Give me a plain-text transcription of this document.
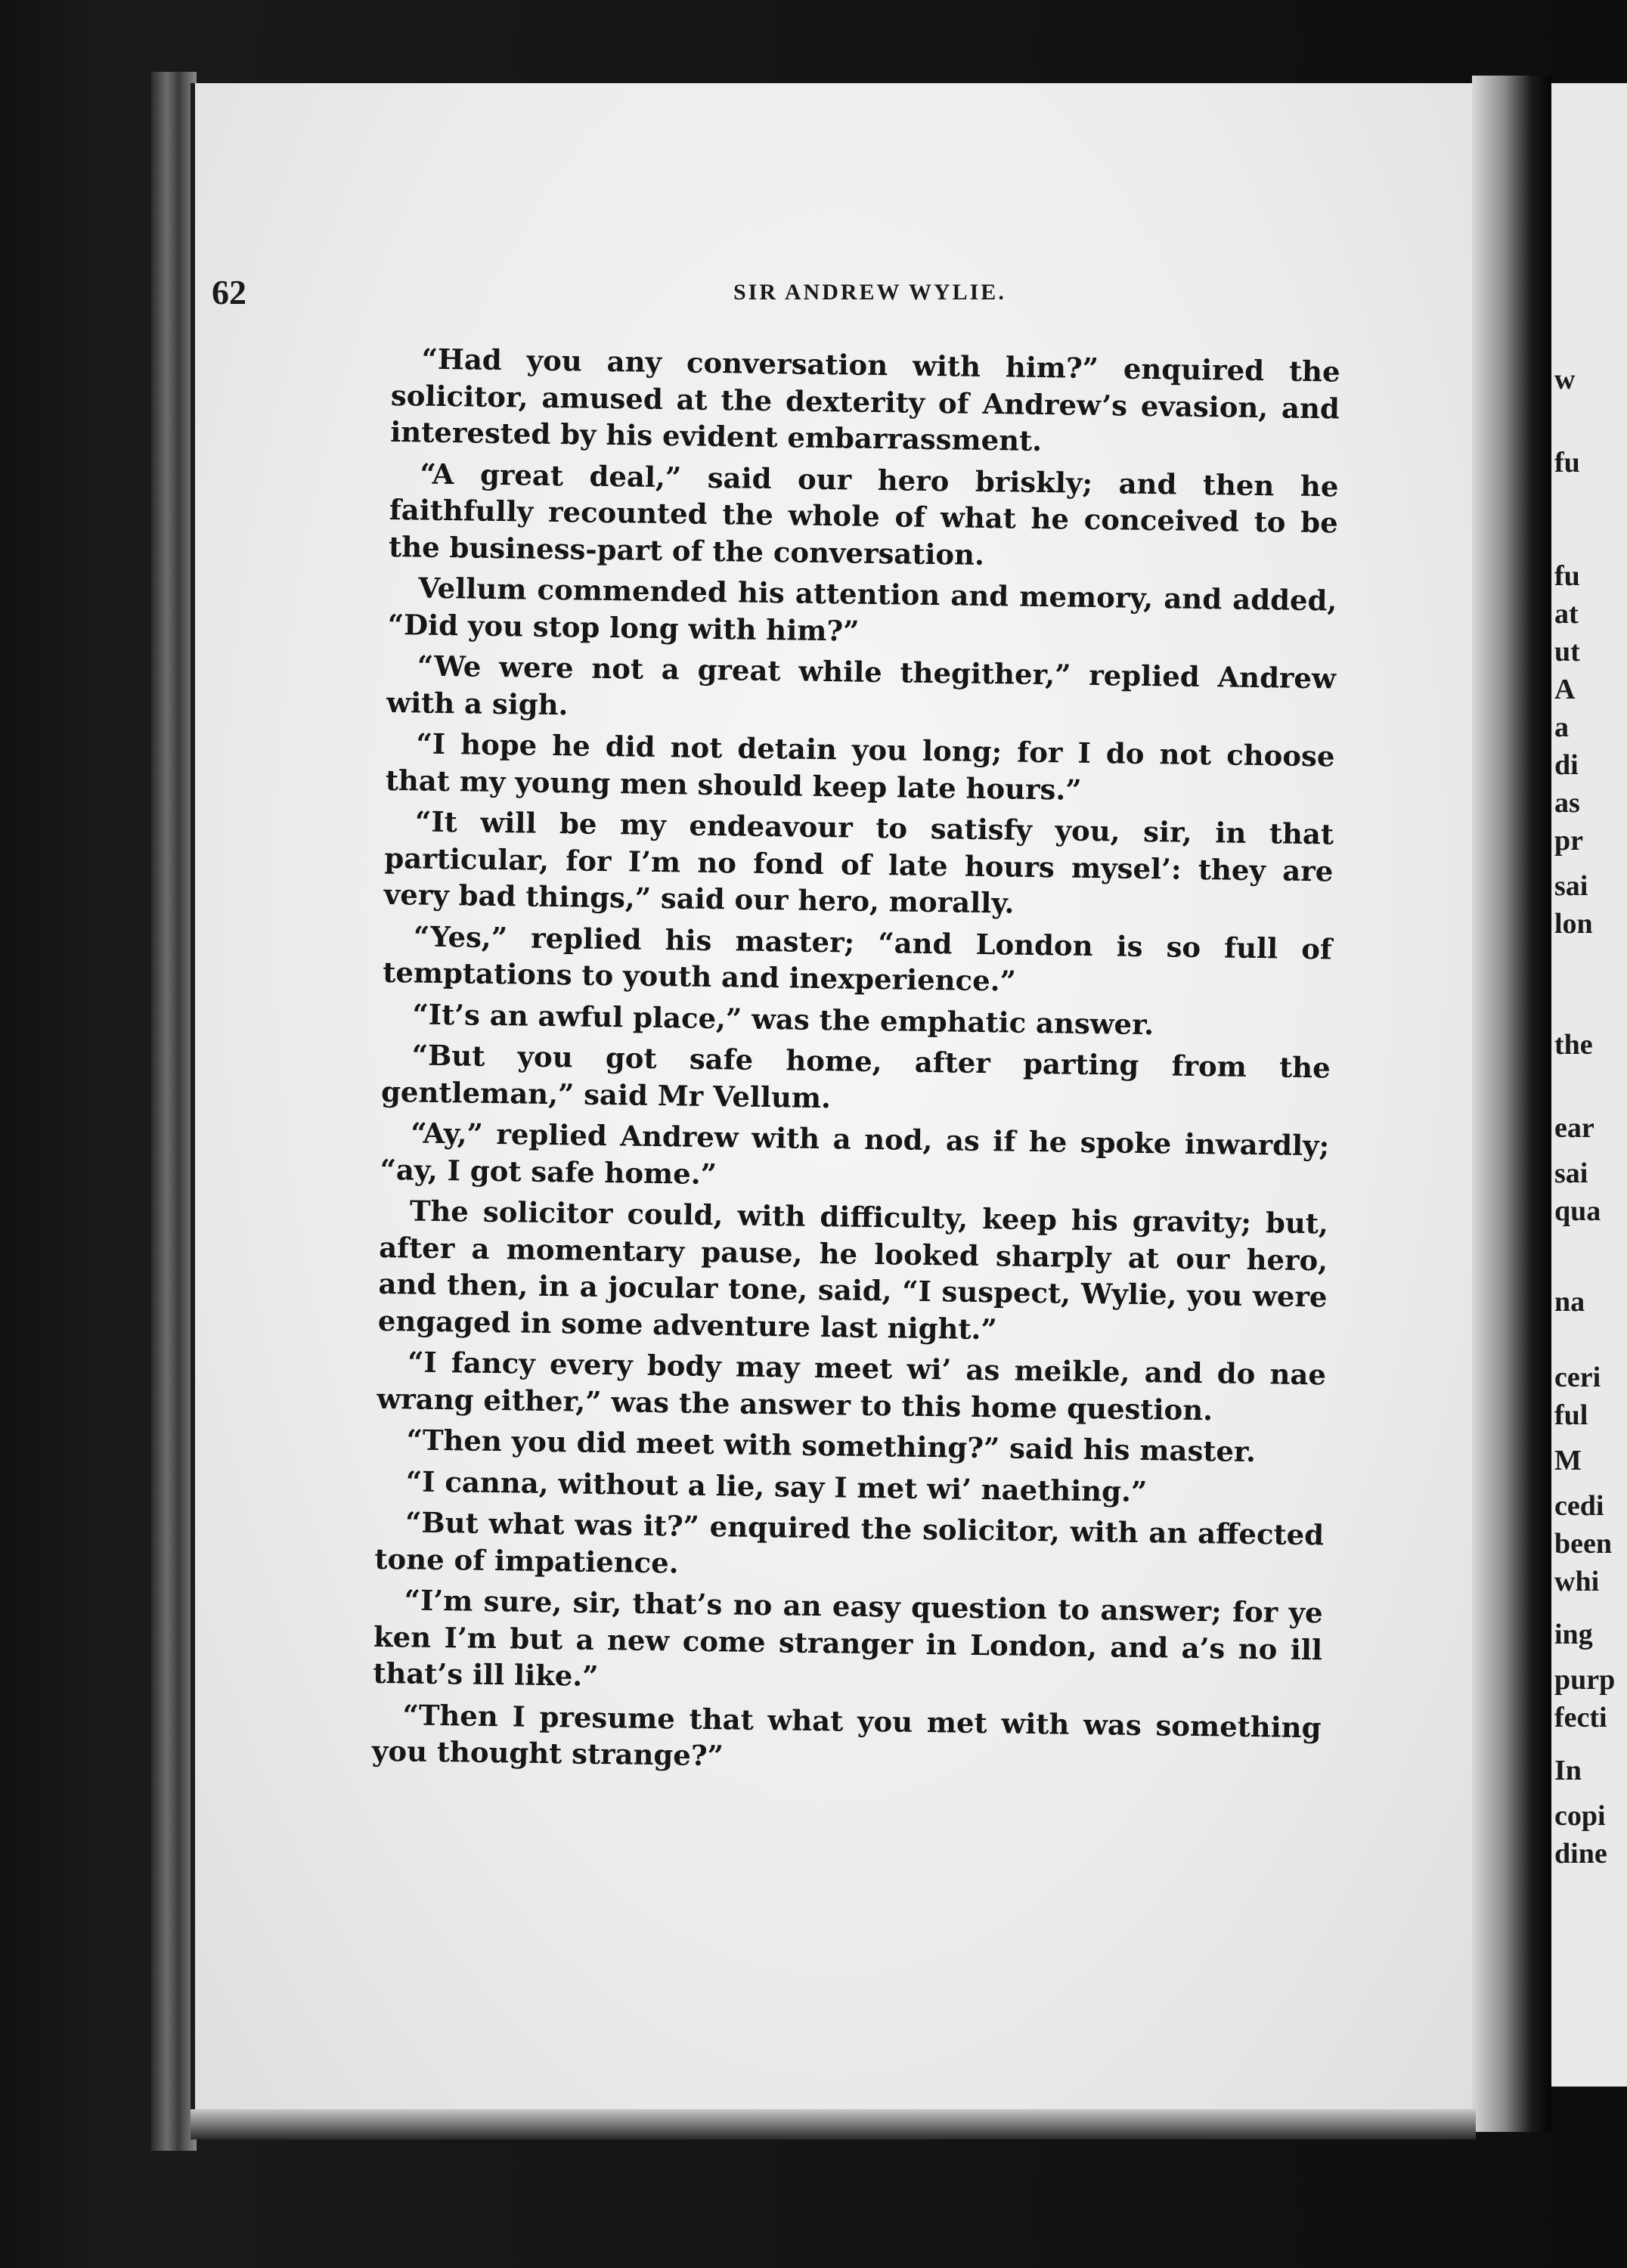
w
fu
fu
at
ut
A
a
di
as
pr
sai
lon
the
ear
sai
qua
na
ceri
ful
M
cedi
been
whi
ing
purp
fecti
In
copi
dine
62	SIR ANDREW WYLIE.

“Had you any conversation with him?” enquired the solicitor, amused at the dexterity of Andrew’s evasion, and interested by his evident embarrassment.

“A great deal,” said our hero briskly; and then he faithfully recounted the whole of what he conceived to be the business-part of the conversation.

Vellum commended his attention and memory, and added, “Did you stop long with him?”

“We were not a great while thegither,” replied Andrew with a sigh.

“I hope he did not detain you long; for I do not choose that my young men should keep late hours.”

“It will be my endeavour to satisfy you, sir, in that particular, for I’m no fond of late hours mysel’: they are very bad things,” said our hero, morally.

“Yes,” replied his master; “and London is so full of temptations to youth and inexperience.”

“It’s an awful place,” was the emphatic answer.

“But you got safe home, after parting from the gentleman,” said Mr Vellum.

“Ay,” replied Andrew with a nod, as if he spoke inwardly; “ay, I got safe home.”

The solicitor could, with difficulty, keep his gravity; but, after a momentary pause, he looked sharply at our hero, and then, in a jocular tone, said, “I suspect, Wylie, you were engaged in some adventure last night.”

“I fancy every body may meet wi’ as meikle, and do nae wrang either,” was the answer to this home question.

“Then you did meet with something?” said his master.

“I canna, without a lie, say I met wi’ naething.”

“But what was it?” enquired the solicitor, with an affected tone of impatience.

“I’m sure, sir, that’s no an easy question to answer; for ye ken I’m but a new come stranger in London, and a’s no ill that’s ill like.”

“Then I presume that what you met with was something you thought strange?”
